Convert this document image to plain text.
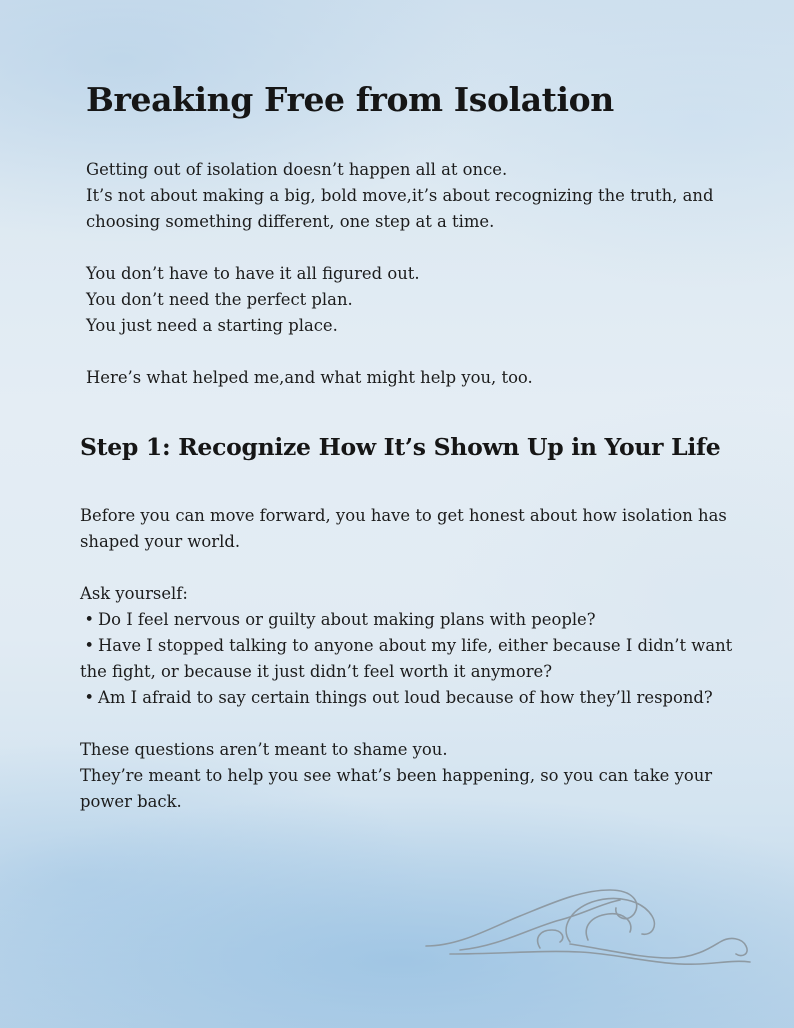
Breaking Free from Isolation

Getting out of isolation doesn’t happen all at once.
It’s not about making a big, bold move,it’s about recognizing the truth, and
choosing something different, one step at a time.

You don’t have to have it all figured out.
You don’t need the perfect plan.
You just need a starting place.

Here’s what helped me,and what might help you, too.

Step 1: Recognize How It’s Shown Up in Your Life

Before you can move forward, you have to get honest about how isolation has
shaped your world.

Ask yourself:
• Do I feel nervous or guilty about making plans with people?
• Have I stopped talking to anyone about my life, either because I didn’t want
the fight, or because it just didn’t feel worth it anymore?
• Am I afraid to say certain things out loud because of how they’ll respond?

These questions aren’t meant to shame you.
They’re meant to help you see what’s been happening, so you can take your
power back.
